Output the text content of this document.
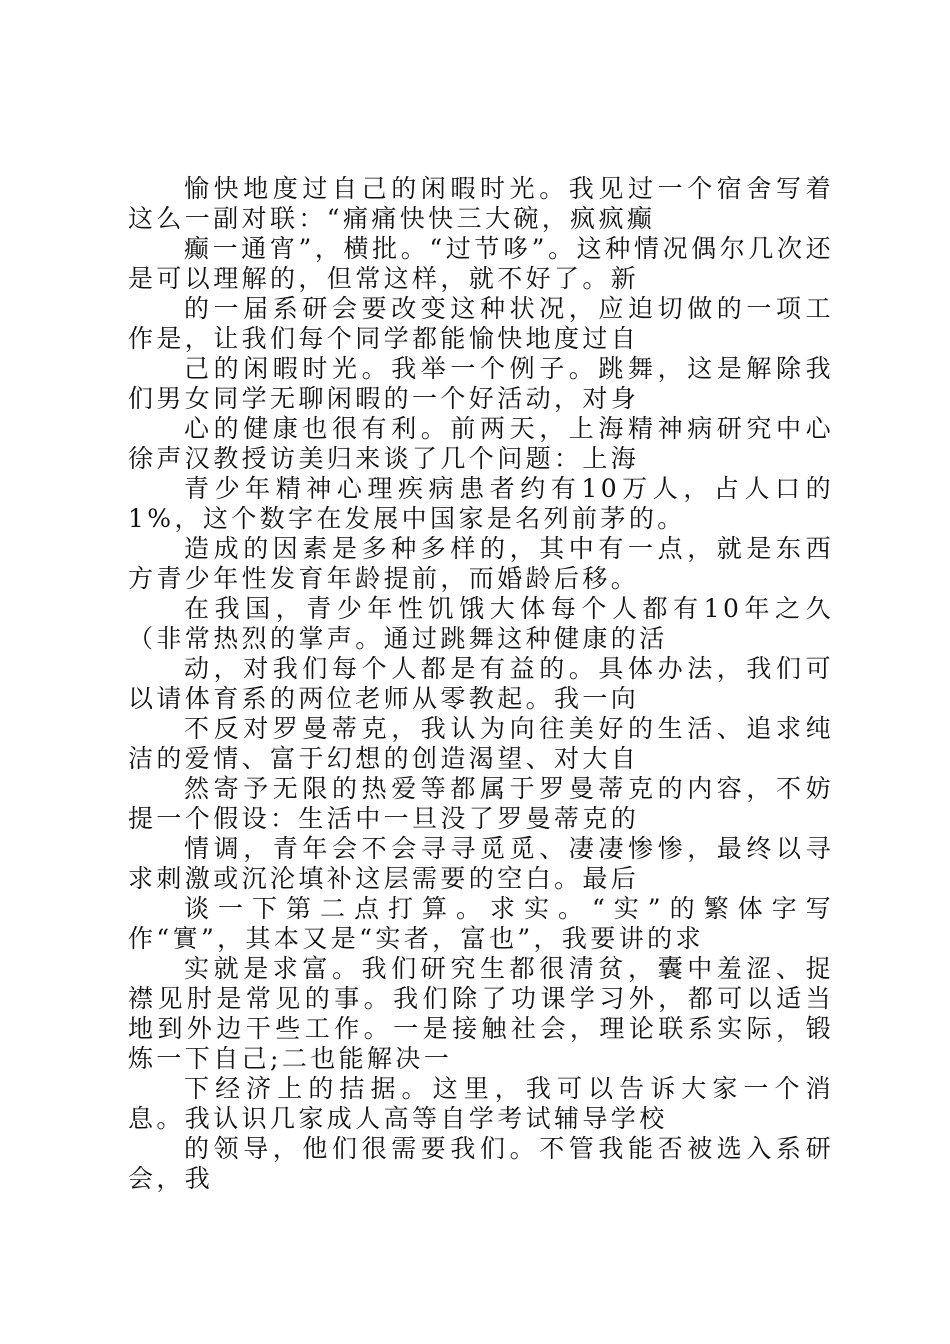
愉快地度过自己的闲暇时光。我见过一个宿舍写着这么一副对联：“痛痛快快三大碗，疯疯癫

癫一通宵”，横批。“过节哆”。这种情况偶尔几次还是可以理解的，但常这样，就不好了。新

的一届系研会要改变这种状况，应迫切做的一项工作是，让我们每个同学都能愉快地度过自

己的闲暇时光。我举一个例子。跳舞，这是解除我们男女同学无聊闲暇的一个好活动，对身

心的健康也很有利。前两天，上海精神病研究中心徐声汉教授访美归来谈了几个问题：上海

青少年精神心理疾病患者约有10万人，占人口的1%，这个数字在发展中国家是名列前茅的。

造成的因素是多种多样的，其中有一点，就是东西方青少年性发育年龄提前，而婚龄后移。

在我国，青少年性饥饿大体每个人都有10年之久（非常热烈的掌声。通过跳舞这种健康的活

动，对我们每个人都是有益的。具体办法，我们可以请体育系的两位老师从零教起。我一向

不反对罗曼蒂克，我认为向往美好的生活、追求纯洁的爱情、富于幻想的创造渴望、对大自

然寄予无限的热爱等都属于罗曼蒂克的内容，不妨提一个假设：生活中一旦没了罗曼蒂克的

情调，青年会不会寻寻觅觅、凄凄惨惨，最终以寻求刺激或沉沦填补这层需要的空白。最后

谈一下第二点打算。求实。“实”的繁体字写作“實”，其本又是“实者，富也”，我要讲的求

实就是求富。我们研究生都很清贫，囊中羞涩、捉襟见肘是常见的事。我们除了功课学习外，都可以适当地到外边干些工作。一是接触社会，理论联系实际，锻炼一下自己;二也能解决一

下经济上的拮据。这里，我可以告诉大家一个消息。我认识几家成人高等自学考试辅导学校

的领导，他们很需要我们。不管我能否被选入系研会，我
